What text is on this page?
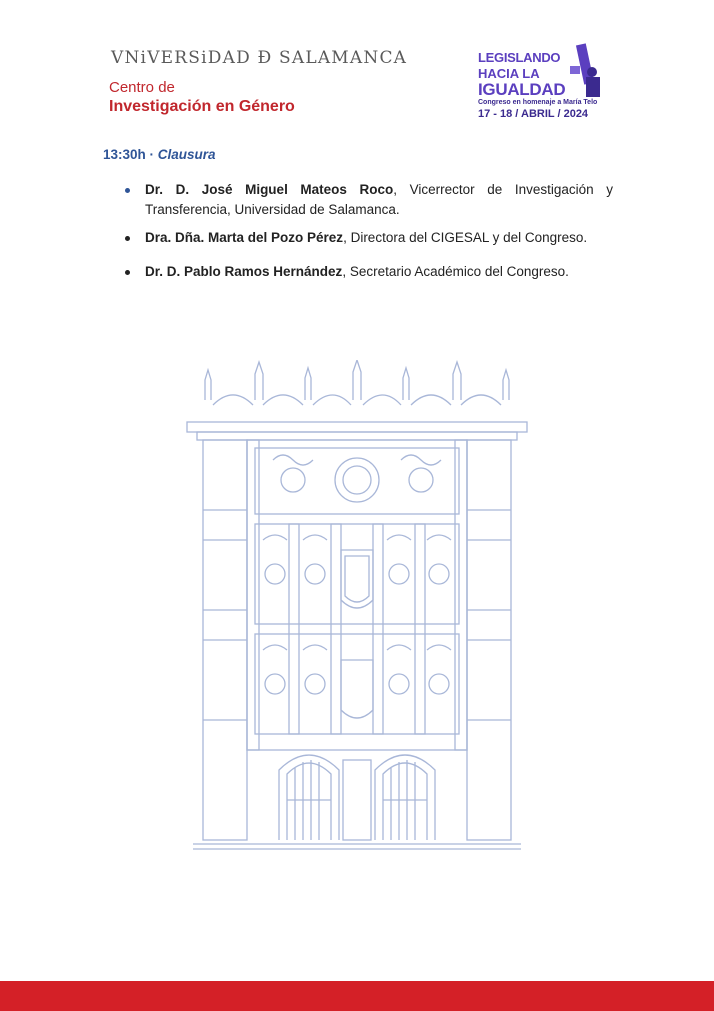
VNiVERSiDAD Ð SALAMANCA
Centro de
Investigación en Género
LEGISLANDO
HACIA LA
IGUALDAD
Congreso en homenaje a María Telo
17 - 18 / ABRIL / 2024
13:30h · Clausura
Dr. D. José Miguel Mateos Roco, Vicerrector de Investigación y Transferencia, Universidad de Salamanca.
Dra. Dña. Marta del Pozo Pérez, Directora del CIGESAL y del Congreso.
Dr. D. Pablo Ramos Hernández, Secretario Académico del Congreso.
